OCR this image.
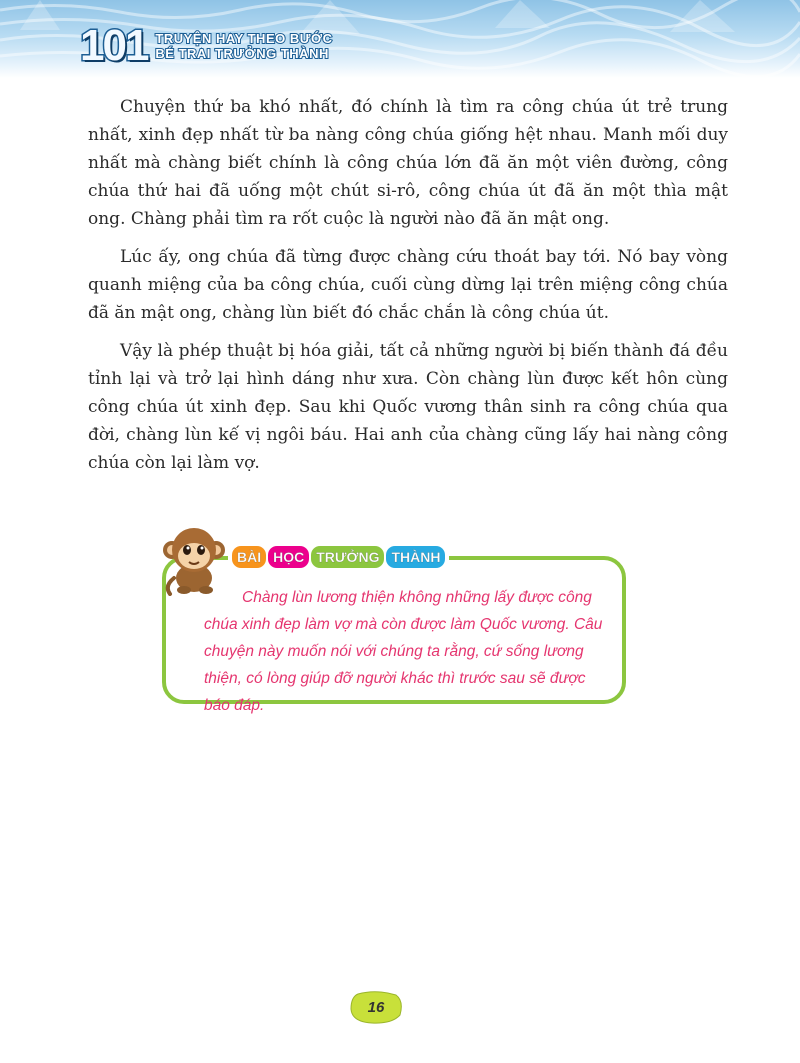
101 TRUYỆN HAY THEO BƯỚC
BÉ TRAI TRƯỞNG THÀNH

Chuyện thứ ba khó nhất, đó chính là tìm ra công chúa út trẻ trung nhất, xinh đẹp nhất từ ba nàng công chúa giống hệt nhau. Manh mối duy nhất mà chàng biết chính là công chúa lớn đã ăn một viên đường, công chúa thứ hai đã uống một chút si-rô, công chúa út đã ăn một thìa mật ong. Chàng phải tìm ra rốt cuộc là người nào đã ăn mật ong.

Lúc ấy, ong chúa đã từng được chàng cứu thoát bay tới. Nó bay vòng quanh miệng của ba công chúa, cuối cùng dừng lại trên miệng công chúa đã ăn mật ong, chàng lùn biết đó chắc chắn là công chúa út.

Vậy là phép thuật bị hóa giải, tất cả những người bị biến thành đá đều tỉnh lại và trở lại hình dáng như xưa. Còn chàng lùn được kết hôn cùng công chúa út xinh đẹp. Sau khi Quốc vương thân sinh ra công chúa qua đời, chàng lùn kế vị ngôi báu. Hai anh của chàng cũng lấy hai nàng công chúa còn lại làm vợ.

BÀI HỌC TRƯỞNG THÀNH

Chàng lùn lương thiện không những lấy được công chúa xinh đẹp làm vợ mà còn được làm Quốc vương. Câu chuyện này muốn nói với chúng ta rằng, cứ sống lương thiện, có lòng giúp đỡ người khác thì trước sau sẽ được báo đáp.

16
